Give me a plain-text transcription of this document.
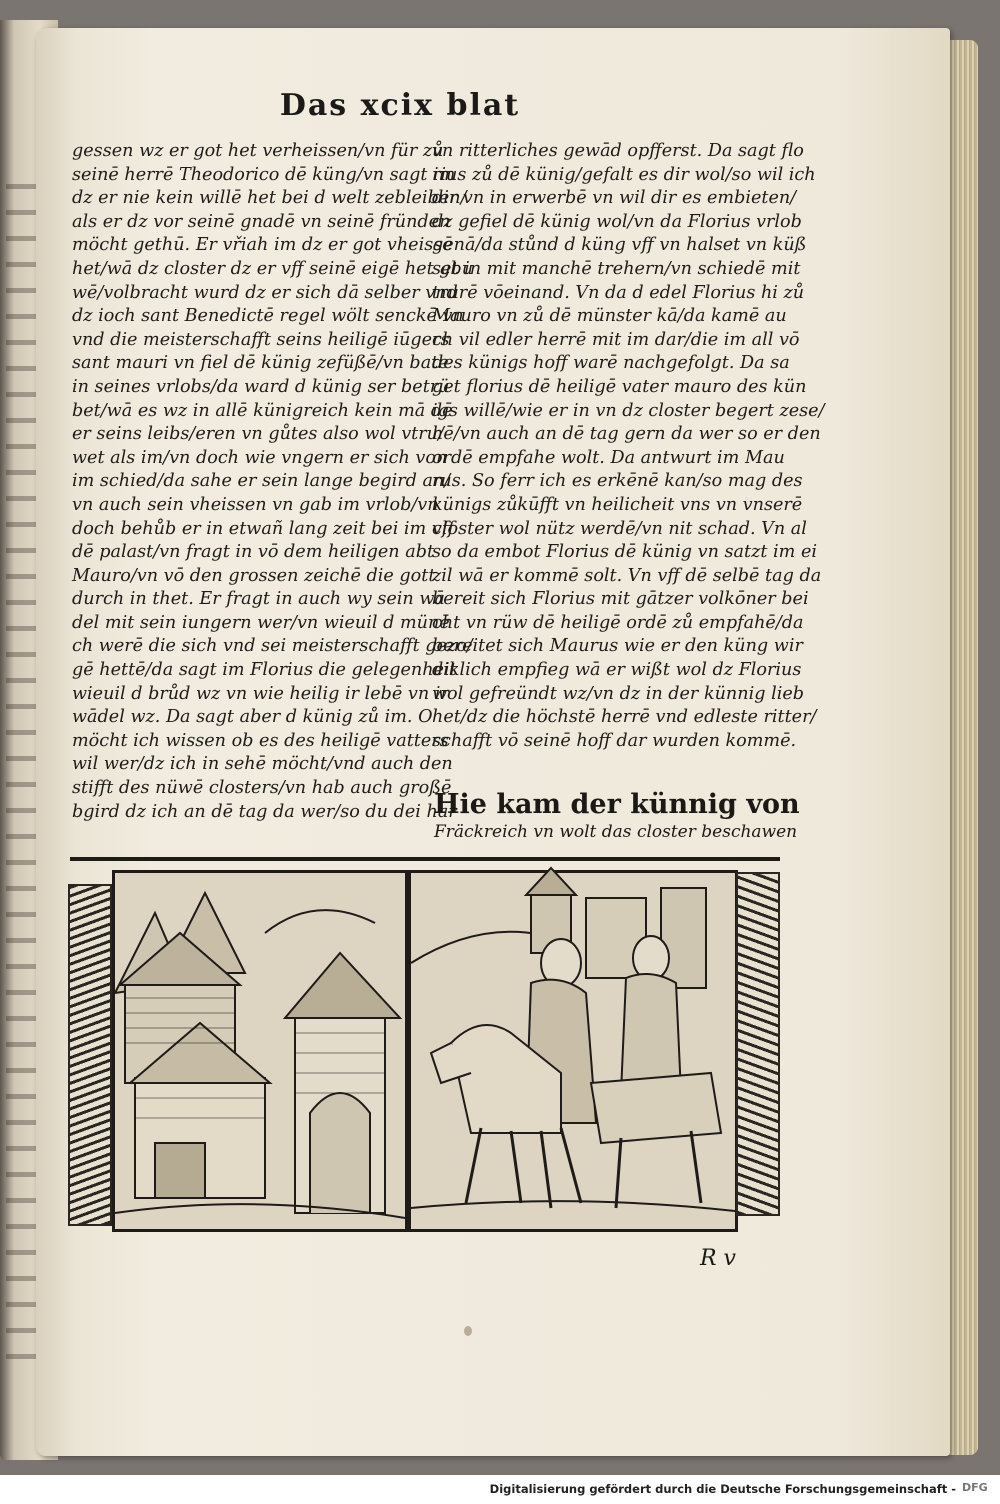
Das xcix blat
gessen wz er got het verheissen/vn für zů
seinē herrē Theodorico dē küng/vn sagt im
dz er nie kein willē het bei d welt zebleiben/
als er dz vor seinē gnadē vn seinē fründen
möcht gethū. Er vřiah im dz er got vheissē
het/wā dz closter dz er vff seinē eigē het gbu
wē/volbracht wurd dz er sich dā selber vnd
dz ioch sant Benedictē regel wölt senckē vn
vnd die meisterschafft seins heiligē iūgers
sant mauri vn fiel dē künig zefüßē/vn bate
in seines vrlobs/da ward d künig ser betrü
bet/wā es wz in allē künigreich kein mā dē
er seins leibs/eren vn gůtes also wol vtru/
wet als im/vn doch wie vngern er sich von
im schied/da sahe er sein lange begird an/
vn auch sein vheissen vn gab im vrlob/vn
doch behůb er in etwañ lang zeit bei im vff
dē palast/vn fragt in vō dem heiligen abt
Mauro/vn vō den grossen zeichē die gott
durch in thet. Er fragt in auch wy sein wā
del mit sein iungern wer/vn wieuil d münē
ch werē die sich vnd sei meisterschafft gezo/
gē hettē/da sagt im Florius die gelegenheit
wieuil d brůd wz vn wie heilig ir lebē vn ir
wādel wz. Da sagt aber d künig zů im. O
möcht ich wissen ob es des heiligē vatters
wil wer/dz ich in sehē möcht/vnd auch den
stifft des nüwē closters/vn hab auch großē
bgird dz ich an dē tag da wer/so du dei har
vn ritterliches gewād opfferst. Da sagt flo
rius zů dē künig/gefalt es dir wol/so wil ich
dir vn in erwerbē vn wil dir es embieten/
dz gefiel dē künig wol/vn da Florius vrlob
genā/da stůnd d küng vff vn halset vn küß
set in mit manchē trehern/vn schiedē mit
trurē vōeinand. Vn da d edel Florius hi zů
Mauro vn zů dē münster kā/da kamē au
ch vil edler herrē mit im dar/die im all vō
des künigs hoff warē nachgefolgt. Da sa
get florius dē heiligē vater mauro des kün
igs willē/wie er in vn dz closter begert zese/
hē/vn auch an dē tag gern da wer so er den
ordē empfahe wolt. Da antwurt im Mau
rus. So ferr ich es erkēnē kan/so mag des
künigs zůkūfft vn heilicheit vns vn vnserē
closter wol nütz werdē/vn nit schad. Vn al
so da embot Florius dē künig vn satzt im ei
zil wā er kommē solt. Vn vff dē selbē tag da
bereit sich Florius mit gātzer volkōner bei
cht vn rüw dē heiligē ordē zů empfahē/da
bereitet sich Maurus wie er den küng wir
diklich empfieg wā er wißt wol dz Florius
wol gefreündt wz/vn dz in der künnig lieb
het/dz die höchstē herrē vnd edleste ritter/
schafft vō seinē hoff dar wurden kommē.
Hie kam der künnig von
Fräckreich vn wolt das closter beschawen
R v
Digitalisierung gefördert durch die Deutsche Forschungsgemeinschaft - DFG
